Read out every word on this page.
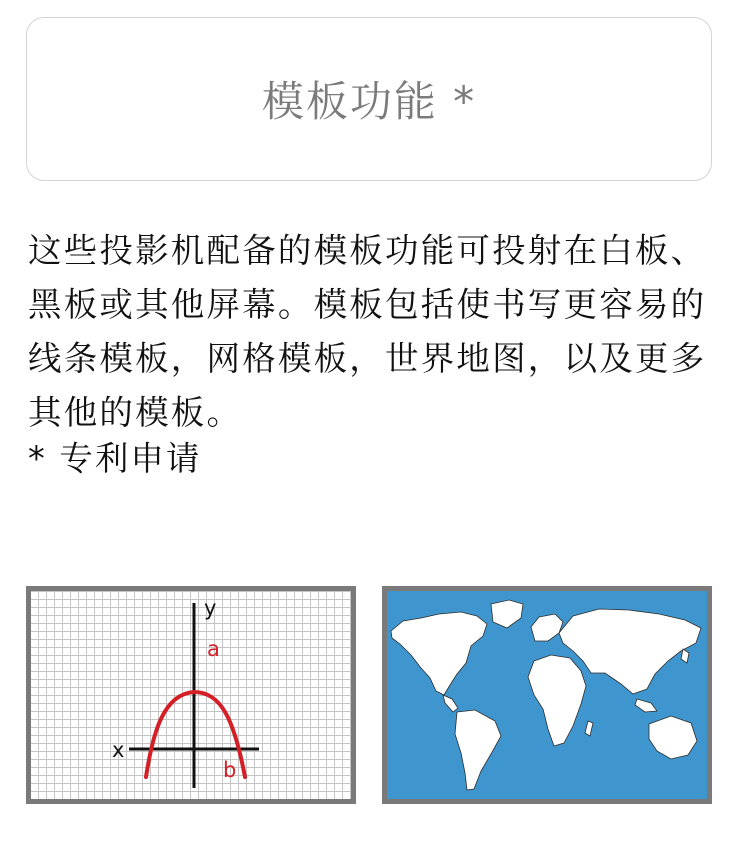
模板功能 *

这些投影机配备的模板功能可投射在白板、黑板或其他屏幕。模板包括使书写更容易的线条模板，网格模板，世界地图，以及更多其他的模板。

* 专利申请
y
x
a
b
